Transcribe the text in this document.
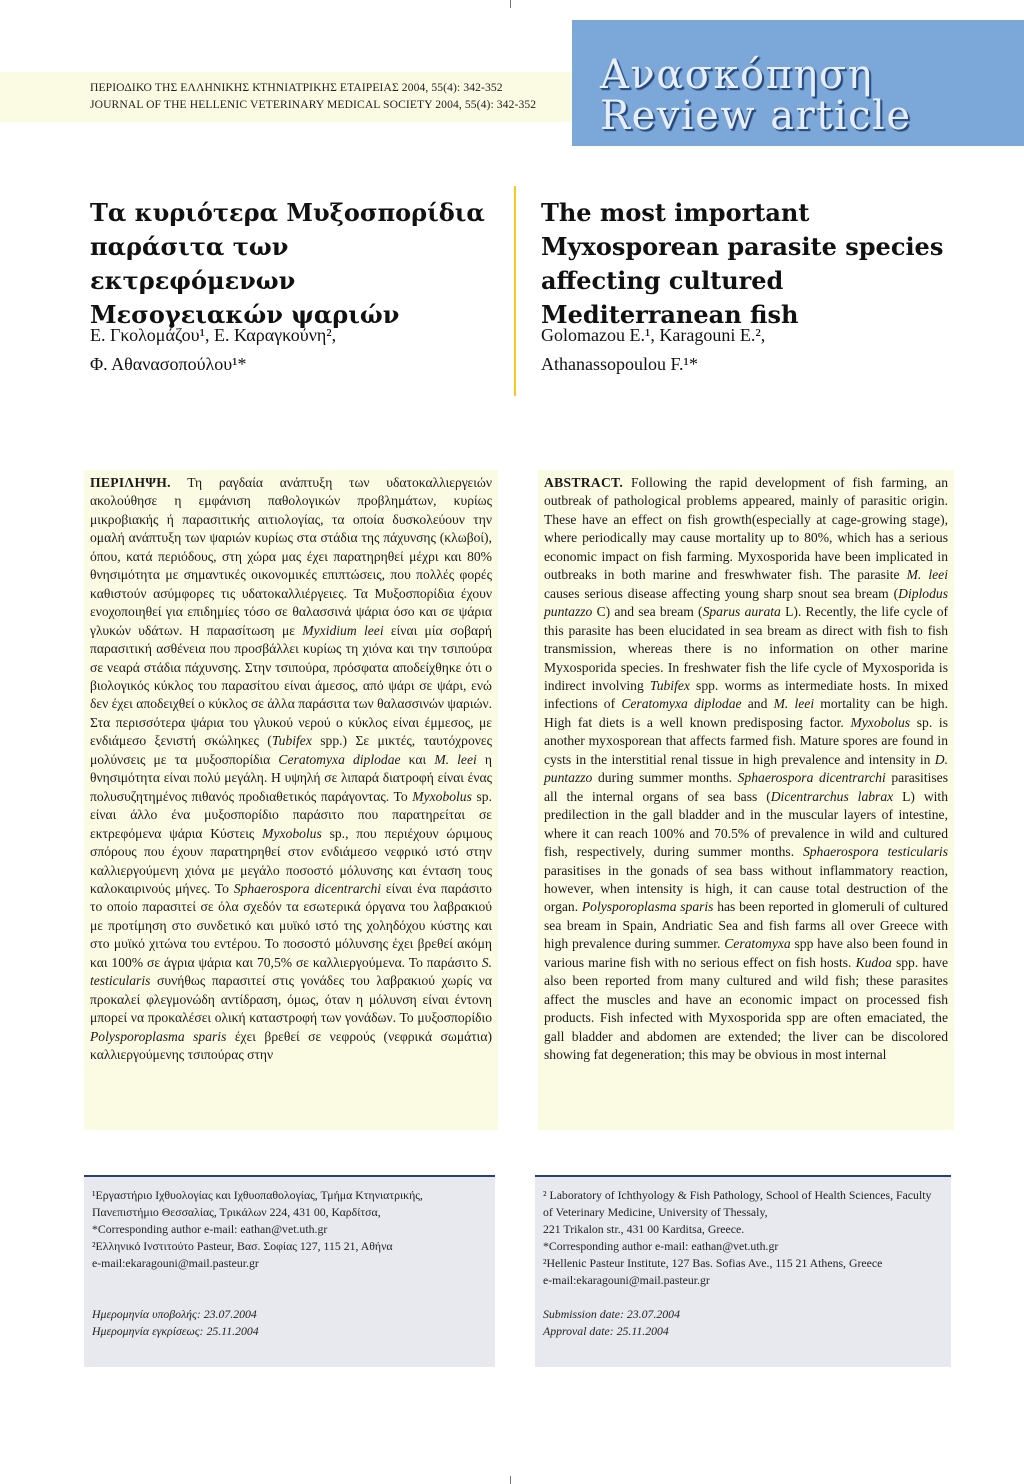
ΠΕΡΙΟΔΙΚΟ ΤΗΣ ΕΛΛΗΝΙΚΗΣ ΚΤΗΝΙΑΤΡΙΚΗΣ ΕΤΑΙΡΕΙΑΣ 2004, 55(4): 342-352
JOURNAL OF THE HELLENIC VETERINARY MEDICAL SOCIETY 2004, 55(4): 342-352
Ανασκόπηση
Review article
Τα κυριότερα Μυξοσπορίδια παράσιτα των εκτρεφόμενων Μεσογειακών ψαριών
The most important Myxosporean parasite species affecting cultured Mediterranean fish
Ε. Γκολομάζου¹, Ε. Καραγκούνη²,
Φ. Αθανασοπούλου¹*
Golomazou E.¹, Karagouni E.²,
Athanassopoulou F.¹*
ΠΕΡΙΛΗΨΗ. Τη ραγδαία ανάπτυξη των υδατοκαλλιεργειών ακολούθησε η εμφάνιση παθολογικών προβλημάτων, κυρίως μικροβιακής ή παρασιτικής αιτιολογίας, τα οποία δυσκολεύουν την ομαλή ανάπτυξη των ψαριών κυρίως στα στάδια της πάχυνσης (κλωβοί), όπου, κατά περιόδους, στη χώρα μας έχει παρατηρηθεί μέχρι και 80% θνησιμότητα με σημαντικές οικονομικές επιπτώσεις, που πολλές φορές καθιστούν ασύμφορες τις υδατοκαλλιέργειες. Τα Μυξοσπορίδια έχουν ενοχοποιηθεί για επιδημίες τόσο σε θαλασσινά ψάρια όσο και σε ψάρια γλυκών υδάτων. Η παρασίτωση με Myxidium leei είναι μία σοβαρή παρασιτική ασθένεια που προσβάλλει κυρίως τη χιόνα και την τσιπούρα σε νεαρά στάδια πάχυνσης. Στην τσιπούρα, πρόσφατα αποδείχθηκε ότι ο βιολογικός κύκλος του παρασίτου είναι άμεσος, από ψάρι σε ψάρι, ενώ δεν έχει αποδειχθεί ο κύκλος σε άλλα παράσιτα των θαλασσινών ψαριών. Στα περισσότερα ψάρια του γλυκού νερού ο κύκλος είναι έμμεσος, με ενδιάμεσο ξενιστή σκώληκες (Tubifex spp.) Σε μικτές, ταυτόχρονες μολύνσεις με τα μυξοσπορίδια Ceratomyxa diplodae και M. leei η θνησιμότητα είναι πολύ μεγάλη. Η υψηλή σε λιπαρά διατροφή είναι ένας πολυσυζητημένος πιθανός προδιαθετικός παράγοντας. Το Myxobolus sp. είναι άλλο ένα μυξοσπορίδιο παράσιτο που παρατηρείται σε εκτρεφόμενα ψάρια Κύστεις Myxobolus sp., που περιέχουν ώριμους σπόρους που έχουν παρατηρηθεί στον ενδιάμεσο νεφρικό ιστό στην καλλιεργούμενη χιόνα με μεγάλο ποσοστό μόλυνσης και ένταση τους καλοκαιρινούς μήνες. Το Sphaerospora dicentrarchi είναι ένα παράσιτο το οποίο παρασιτεί σε όλα σχεδόν τα εσωτερικά όργανα του λαβρακιού με προτίμηση στο συνδετικό και μυϊκό ιστό της χοληδόχου κύστης και στο μυϊκό χιτώνα του εντέρου. Το ποσοστό μόλυνσης έχει βρεθεί ακόμη και 100% σε άγρια ψάρια και 70,5% σε καλλιεργούμενα. Το παράσιτο S. testicularis συνήθως παρασιτεί στις γονάδες του λαβρακιού χωρίς να προκαλεί φλεγμονώδη αντίδραση, όμως, όταν η μόλυνση είναι έντονη μπορεί να προκαλέσει ολική καταστροφή των γονάδων. Το μυξοσπορίδιο Polysporoplasma sparis έχει βρεθεί σε νεφρούς (νεφρικά σωμάτια) καλλιεργούμενης τσιπούρας στην
ABSTRACT. Following the rapid development of fish farming, an outbreak of pathological problems appeared, mainly of parasitic origin. These have an effect on fish growth(especially at cage-growing stage), where periodically may cause mortality up to 80%, which has a serious economic impact on fish farming. Myxosporida have been implicated in outbreaks in both marine and freswhwater fish. The parasite M. leei causes serious disease affecting young sharp snout sea bream (Diplodus puntazzo C) and sea bream (Sparus aurata L). Recently, the life cycle of this parasite has been elucidated in sea bream as direct with fish to fish transmission, whereas there is no information on other marine Myxosporida species. In freshwater fish the life cycle of Myxosporida is indirect involving Tubifex spp. worms as intermediate hosts. In mixed infections of Ceratomyxa diplodae and M. leei mortality can be high. High fat diets is a well known predisposing factor. Myxobolus sp. is another myxosporean that affects farmed fish. Mature spores are found in cysts in the interstitial renal tissue in high prevalence and intensity in D. puntazzo during summer months. Sphaerospora dicentrarchi parasitises all the internal organs of sea bass (Dicentrarchus labrax L) with predilection in the gall bladder and in the muscular layers of intestine, where it can reach 100% and 70.5% of prevalence in wild and cultured fish, respectively, during summer months. Sphaerospora testicularis parasitises in the gonads of sea bass without inflammatory reaction, however, when intensity is high, it can cause total destruction of the organ. Polysporoplasma sparis has been reported in glomeruli of cultured sea bream in Spain, Andriatic Sea and fish farms all over Greece with high prevalence during summer. Ceratomyxa spp have also been found in various marine fish with no serious effect on fish hosts. Kudoa spp. have also been reported from many cultured and wild fish; these parasites affect the muscles and have an economic impact on processed fish products. Fish infected with Myxosporida spp are often emaciated, the gall bladder and abdomen are extended; the liver can be discolored showing fat degeneration; this may be obvious in most internal

¹Εργαστήριο Ιχθυολογίας και Ιχθυοπαθολογίας, Τμήμα Κτηνιατρικής, Πανεπιστήμιο Θεσσαλίας, Τρικάλων 224, 431 00, Καρδίτσα,

*Corresponding author e-mail: eathan@vet.uth.gr

²Ελληνικό Ινστιτούτο Pasteur, Βασ. Σοφίας 127, 115 21, Αθήνα

e-mail:ekaragouni@mail.pasteur.gr

Ημερομηνία υποβολής: 23.07.2004

Ημερομηνία εγκρίσεως: 25.11.2004

² Laboratory of Ichthyology & Fish Pathology, School of Health Sciences, Faculty of Veterinary Medicine, University of Thessaly,

221 Trikalon str., 431 00 Karditsa, Greece.

*Corresponding author e-mail: eathan@vet.uth.gr

²Hellenic Pasteur Institute, 127 Bas. Sofias Ave., 115 21 Athens, Greece

e-mail:ekaragouni@mail.pasteur.gr

Submission date: 23.07.2004

Approval date: 25.11.2004
